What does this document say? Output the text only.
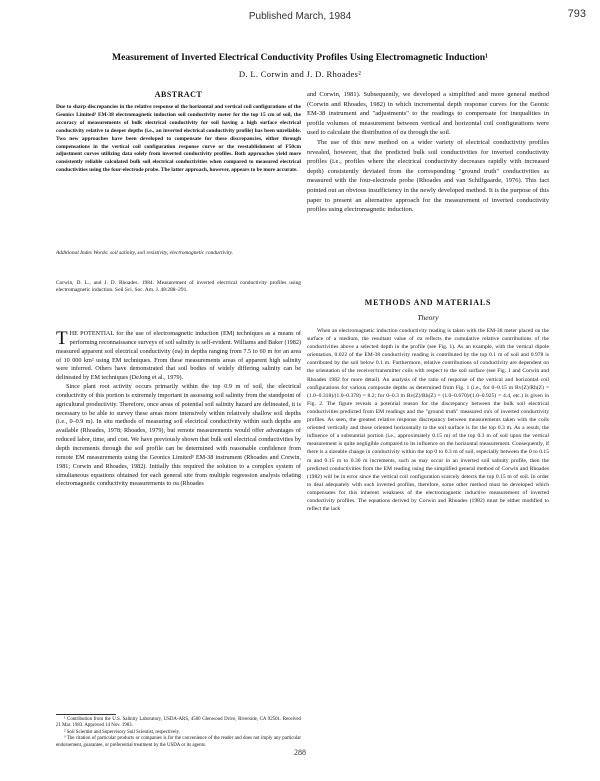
Published March, 1984	793
Measurement of Inverted Electrical Conductivity Profiles Using Electromagnetic Induction¹
D. L. Corwin and J. D. Rhoades²
ABSTRACT
Due to sharp discrepancies in the relative response of the horizontal and vertical coil configurations of the Geonics Limited³ EM-38 electromagnetic induction soil conductivity meter for the top 15 cm of soil, the accuracy of measurements of bulk electrical conductivity for soil having a high surface electrical conductivity relative to deeper depths (i.e., an inverted electrical conductivity profile) has been unreliable. Two new approaches have been developed to compensate for these discrepancies, either through compensations in the vertical coil configuration response curve or the reestablishment of F50cm adjustment curves utilizing data solely from inverted conductivity profiles. Both approaches yield more consistently reliable calculated bulk soil electrical conductivities when compared to measured electrical conductivities using the four-electrode probe. The latter approach, however, appears to be more accurate.
Additional Index Words: soil salinity, soil resistivity, electromagnetic conductivity.
Corwin, D. L., and J. D. Rhoades. 1984. Measurement of inverted electrical conductivity profiles using electromagnetic induction. Soil Sci. Soc. Am. J. 48:288–291.

THE POTENTIAL for the use of electromagnetic induction (EM) techniques as a means of performing reconnaissance surveys of soil salinity is self-evident. Williams and Baker (1982) measured apparent soil electrical conductivity (σa) in depths ranging from 7.5 to 60 m for an area of 10 000 km² using EM techniques. From these measurements areas of apparent high salinity were inferred. Others have demonstrated that soil bodies of widely differing salinity can be delineated by EM techniques (DeJong et al., 1979).

Since plant root activity occurs primarily within the top 0.9 m of soil, the electrical conductivity of this portion is extremely important in assessing soil salinity from the standpoint of agricultural productivity. Therefore, once areas of potential soil salinity hazard are delineated, it is necessary to be able to survey these areas more intensively within relatively shallow soil depths (i.e., 0–0.9 m). In situ methods of measuring soil electrical conductivity within such depths are available (Rhoades, 1978; Rhoades, 1979), but remote measurements would offer advantages of reduced labor, time, and cost. We have previously shown that bulk soil electrical conductivities by depth increments through the soil profile can be determined with reasonable confidence from remote EM measurements using the Geonics Limited³ EM-38 instrument (Rhoades and Corwin, 1981; Corwin and Rhoades, 1982). Initially this required the solution to a complex system of simultaneous equations obtained for each general site from multiple regression analysis relating electromagnetic conductivity measurements to σa (Rhoades

¹ Contribution from the U.S. Salinity Laboratory, USDA-ARS, 4500 Glenwood Drive, Riverside, CA 92501. Received 21 Mar. 1983. Approved 14 Nov. 1983.

² Soil Scientist and Supervisory Soil Scientist, respectively.

³ The citation of particular products or companies is for the convenience of the reader and does not imply any particular endorsement, guarantee, or preferential treatment by the USDA or its agents.

and Corwin, 1981). Subsequently, we developed a simplified and more general method (Corwin and Rhoades, 1982) in which incremental depth response curves for the Geonic EM-38 instrument and "adjustments" to the readings to compensate for inequalities in profile volumes of measurement between vertical and horizontal coil configurations were used to calculate the distribution of σa through the soil.

The use of this new method on a wider variety of electrical conductivity profiles revealed, however, that the predicted bulk soil conductivities for inverted conductivity profiles (i.e., profiles where the electrical conductivity decreases rapidly with increased depth) consistently deviated from the corresponding "ground truth" conductivities as measured with the four-electrode probe (Rhoades and van Schilfgaarde, 1976). This fact pointed out an obvious insufficiency in the newly developed method. It is the purpose of this paper to present an alternative approach for the measurement of inverted conductivity profiles using electromagnetic induction.

METHODS AND MATERIALS
Theory

When an electromagnetic induction conductivity reading is taken with the EM-38 meter placed on the surface of a medium, the resultant value of σa reflects the cumulative relative contributions of the conductivities above a selected depth in the profile (see Fig. 1). As an example, with the vertical dipole orientation, 0.022 of the EM-38 conductivity reading is contributed by the top 0.1 m of soil and 0.978 is contributed by the soil below 0.1 m. Furthermore, relative contributions of conductivity are dependent on the orientation of the receiver/transmitter coils with respect to the soil surface (see Fig. 1 and Corwin and Rhoades 1982 for more detail). An analysis of the ratio of response of the vertical and horizontal coil configurations for various composite depths as determined from Fig. 1 (i.e., for 0–0.15 m Rv(Z)/Rh(Z) = (1.0–0.318)/(1.0–0.378) = 8.2; for 0–0.3 m Rv(Z)/Rh(Z) = (1.0–0.670)/(1.0–0.925) = 4.4, etc.) is given in Fig. 2. The figure reveals a potential reason for the discrepancy between the bulk soil electrical conductivities predicted from EM readings and the "ground truth" measured σa's of inverted conductivity profiles. As seen, the greatest relative response discrepancy between measurements taken with the coils oriented vertically and those oriented horizontally to the soil surface is for the top 0.3 m. As a result, the influence of a substantial portion (i.e., approximately 0.15 m) of the top 0.3 m of soil upon the vertical measurement is quite negligible compared to its influence on the horizontal measurement. Consequently, if there is a sizeable change in conductivity within the top 0 to 0.3 m of soil, especially between the 0 to 0.15 m and 0.15 m to 0.30 m increments, such as may occur in an inverted soil salinity profile, then the predicted conductivities from the EM reading using the simplified general method of Corwin and Rhoades (1982) will be in error since the vertical coil configuration scarcely detects the top 0.15 m of soil. In order to deal adequately with such inverted profiles, therefore, some other method must be developed which compensates for this inherent weakness of the electromagnetic inductive measurement of inverted conductivity profiles. The equations derived by Corwin and Rhoades (1982) must be either modified to reflect the lack

288
